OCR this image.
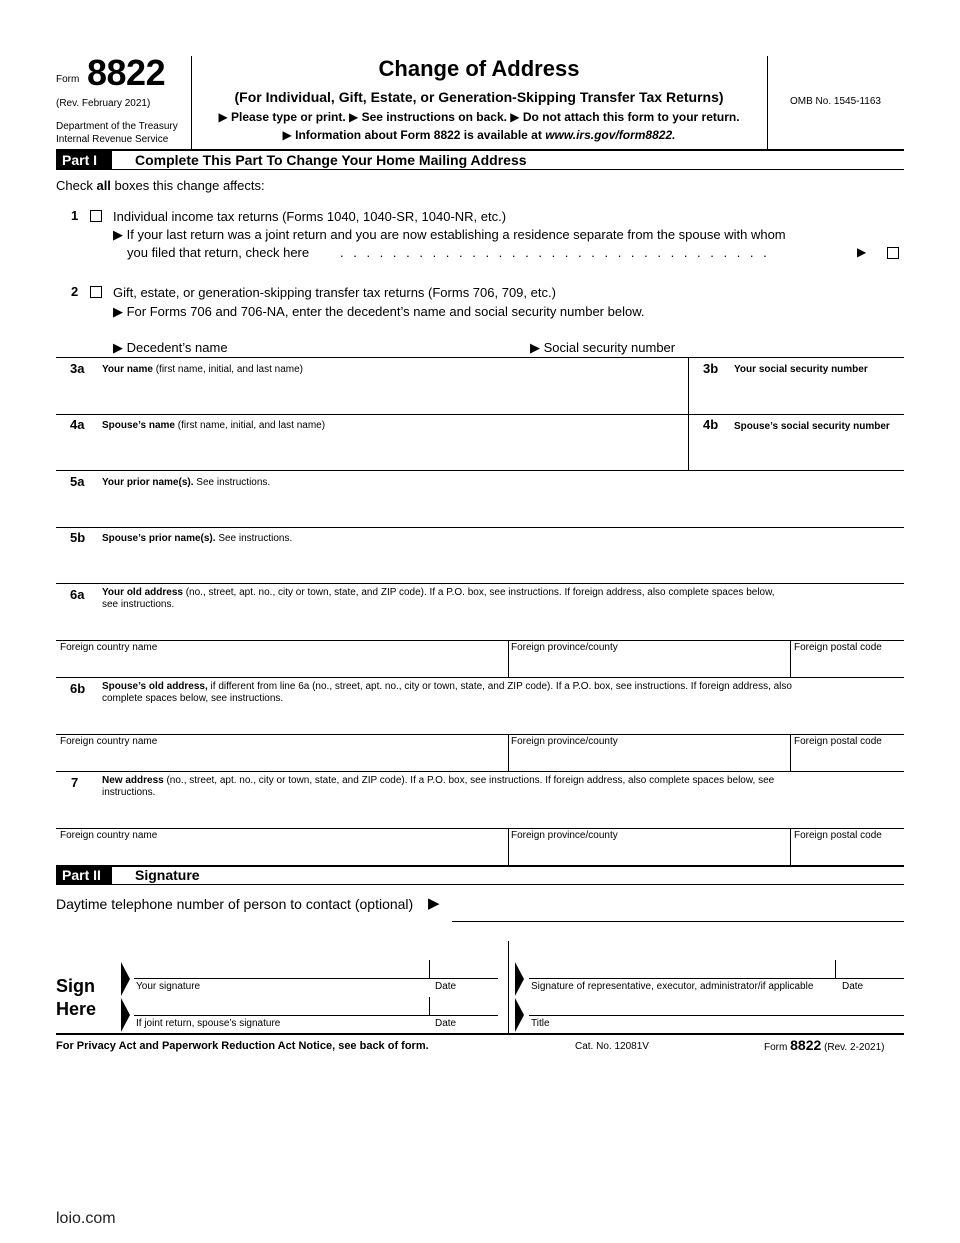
Form 8822
(Rev. February 2021)
Department of the Treasury
Internal Revenue Service
Change of Address
(For Individual, Gift, Estate, or Generation-Skipping Transfer Tax Returns)
▶ Please type or print. ▶ See instructions on back. ▶ Do not attach this form to your return.
▶ Information about Form 8822 is available at www.irs.gov/form8822.
OMB No. 1545-1163
Part I	Complete This Part To Change Your Home Mailing Address
Check all boxes this change affects:
1	Individual income tax returns (Forms 1040, 1040-SR, 1040-NR, etc.)
▶ If your last return was a joint return and you are now establishing a residence separate from the spouse with whom
you filed that return, check here . . . . . . . . . . . . . . . . . . . . . . . . . . . . . . . . .	▶
2	Gift, estate, or generation-skipping transfer tax returns (Forms 706, 709, etc.)
▶ For Forms 706 and 706-NA, enter the decedent’s name and social security number below.
▶ Decedent’s name	▶ Social security number
3a Your name (first name, initial, and last name)	3b Your social security number
4a Spouse’s name (first name, initial, and last name)	4b Spouse’s social security number
5a Your prior name(s). See instructions.
5b Spouse’s prior name(s). See instructions.
6a Your old address (no., street, apt. no., city or town, state, and ZIP code). If a P.O. box, see instructions. If foreign address, also complete spaces below,
see instructions.
Foreign country name	Foreign province/county	Foreign postal code
6b Spouse’s old address, if different from line 6a (no., street, apt. no., city or town, state, and ZIP code). If a P.O. box, see instructions. If foreign address, also
complete spaces below, see instructions.
Foreign country name	Foreign province/county	Foreign postal code
7 New address (no., street, apt. no., city or town, state, and ZIP code). If a P.O. box, see instructions. If foreign address, also complete spaces below, see
instructions.
Foreign country name	Foreign province/county	Foreign postal code
Part II	Signature
Daytime telephone number of person to contact (optional) ▶
Sign
Here
Your signature	Date
If joint return, spouse’s signature	Date
Signature of representative, executor, administrator/if applicable	Date
Title
For Privacy Act and Paperwork Reduction Act Notice, see back of form.	Cat. No. 12081V	Form 8822 (Rev. 2-2021)
loio.com
